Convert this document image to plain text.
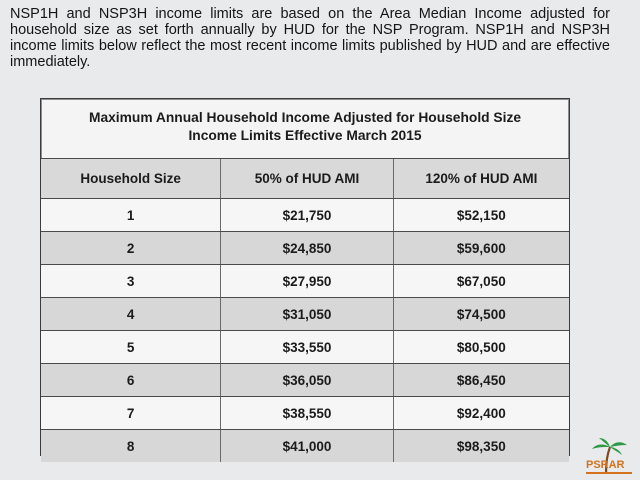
NSP1H and NSP3H income limits are based on the Area Median Income adjusted for household size as set forth annually by HUD for the NSP Program. NSP1H and NSP3H income limits below reflect the most recent income limits published by HUD and are effective immediately.
Maximum Annual Household Income Adjusted for Household Size
Income Limits Effective March 2015
Household Size	50% of HUD AMI	120% of HUD AMI
1	$21,750	$52,150
2	$24,850	$59,600
3	$27,950	$67,050
4	$31,050	$74,500
5	$33,550	$80,500
6	$36,050	$86,450
7	$38,550	$92,400
8	$41,000	$98,350
PSRAR
